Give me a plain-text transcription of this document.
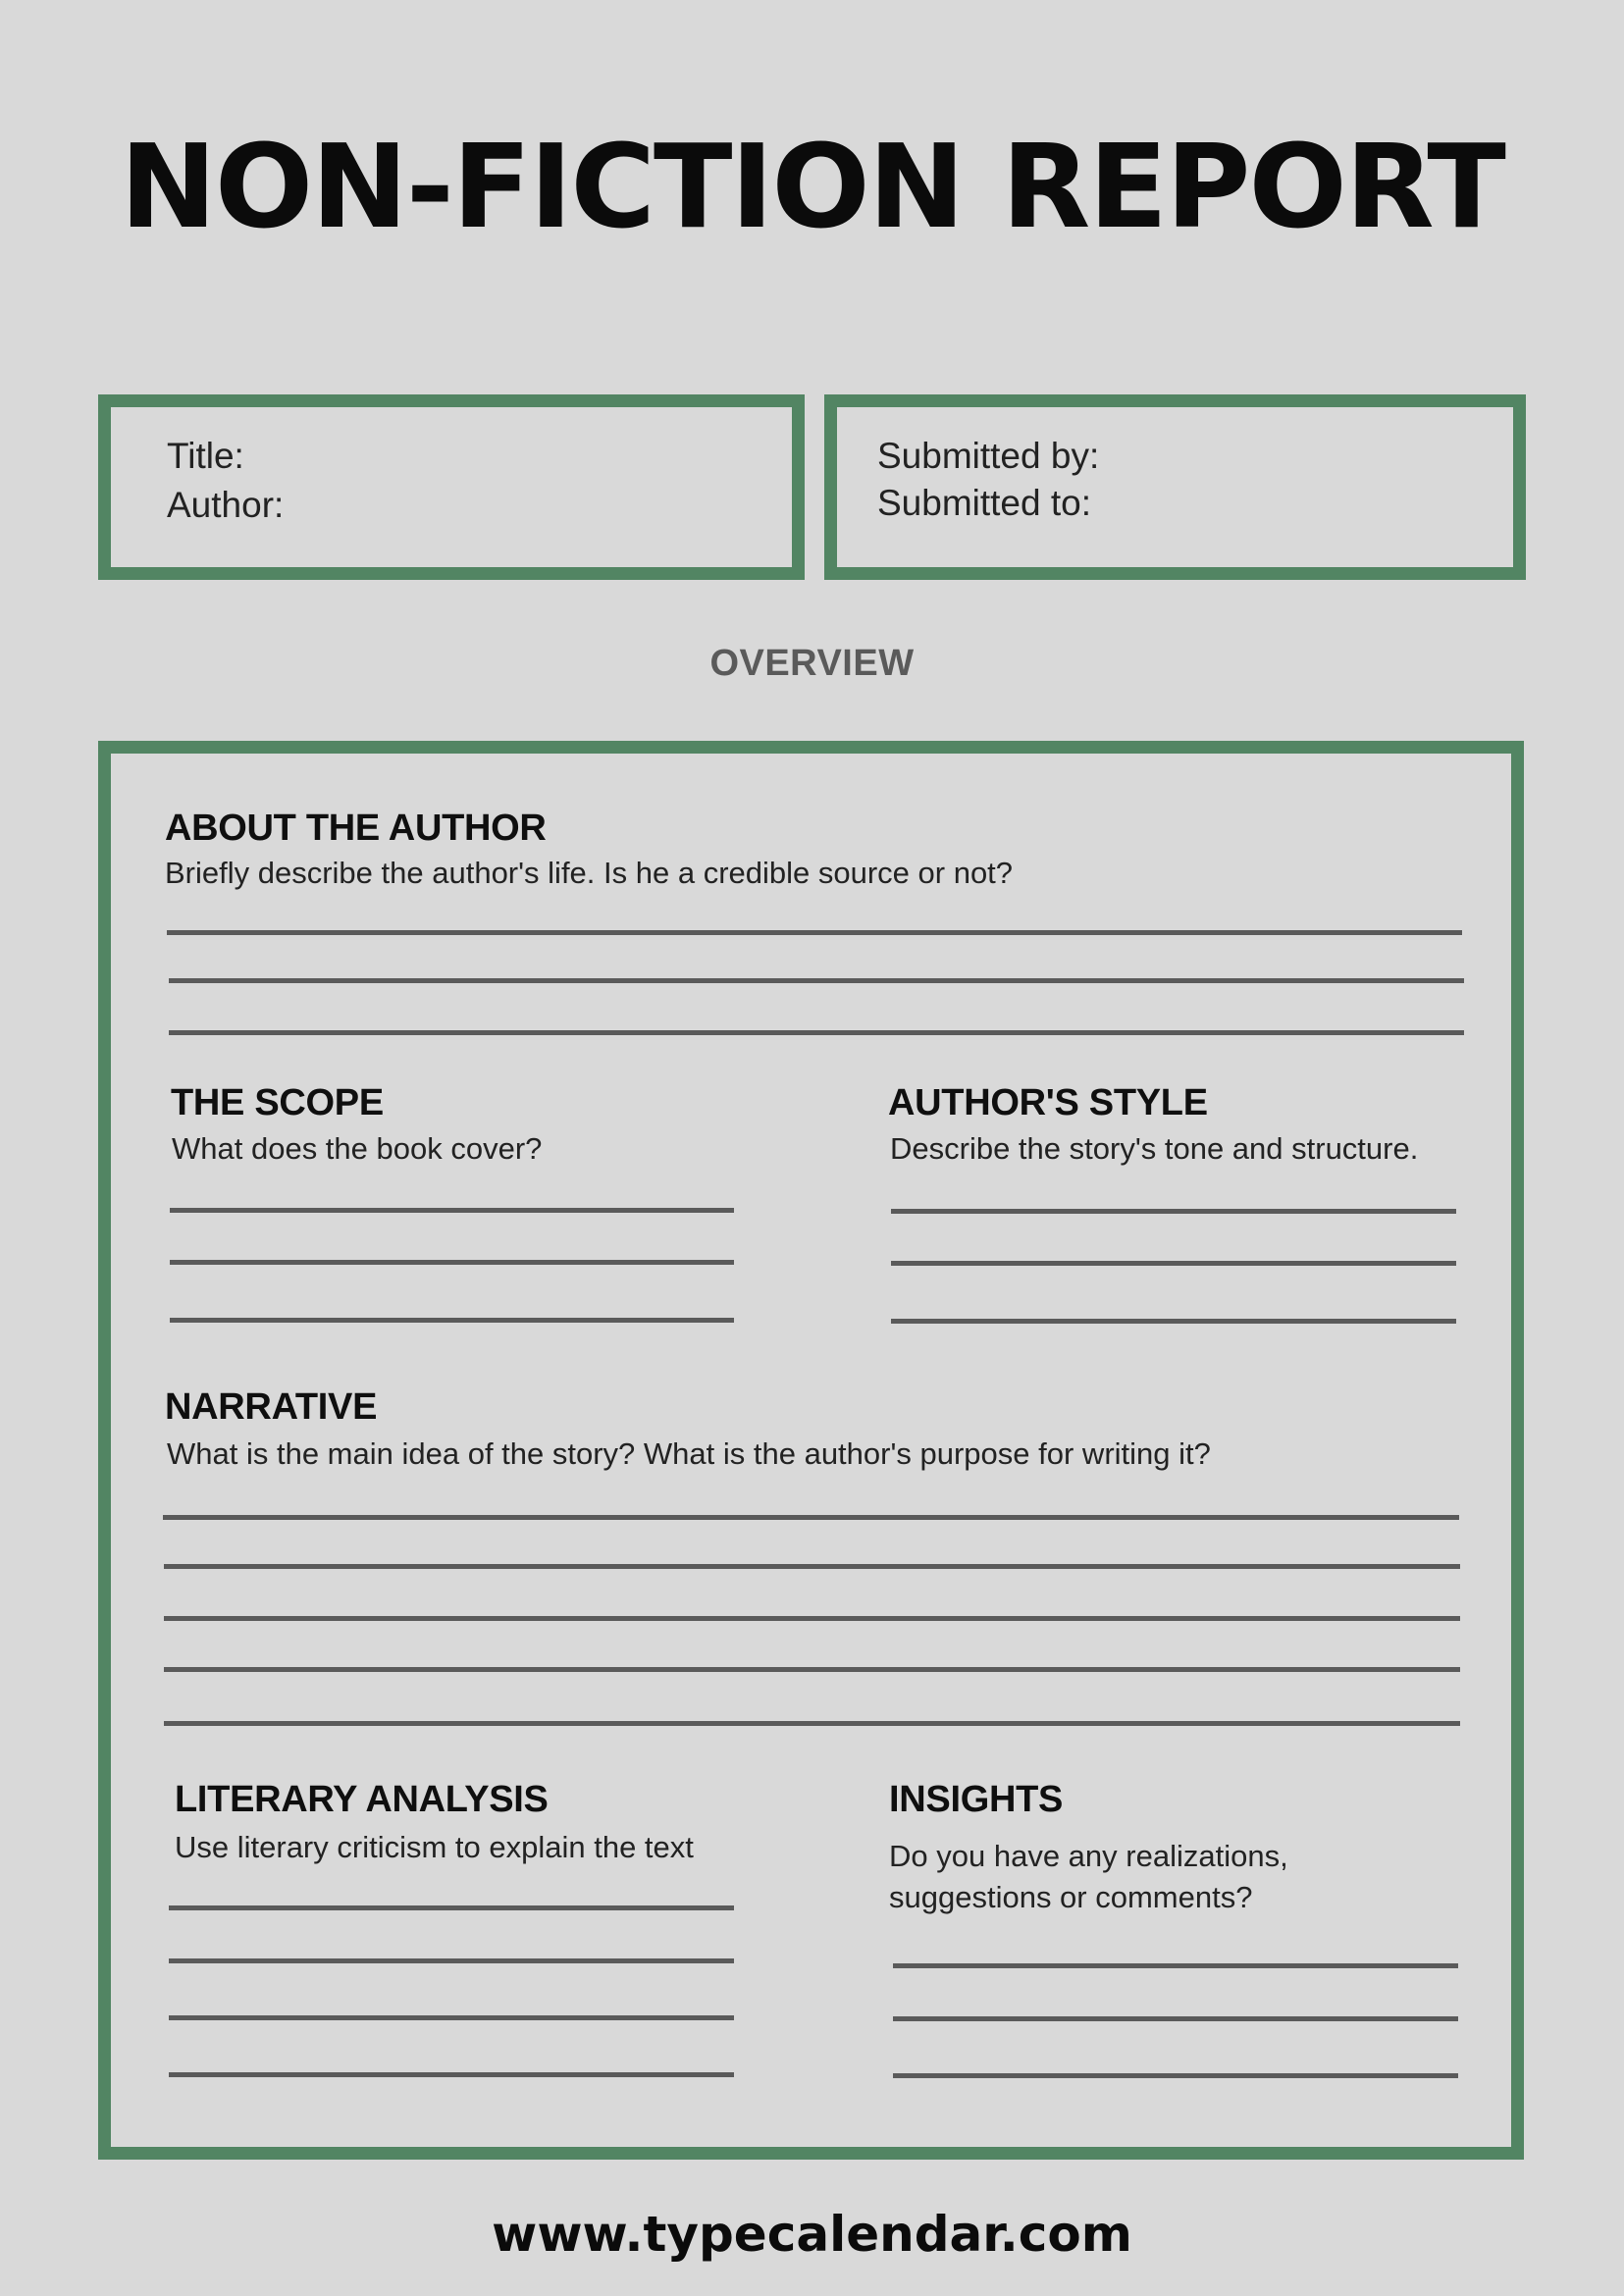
NON-FICTION REPORT
Title:
Author:
Submitted by:
Submitted to:
OVERVIEW
ABOUT THE AUTHOR
Briefly describe the author's life. Is he a credible source or not?
THE SCOPE
What does the book cover?
AUTHOR'S STYLE
Describe the story's tone and structure.
NARRATIVE
What is the main idea of the story? What is the author's purpose for writing it?
LITERARY ANALYSIS
Use literary criticism to explain the text
INSIGHTS
Do you have any realizations, suggestions or comments?
www.typecalendar.com
